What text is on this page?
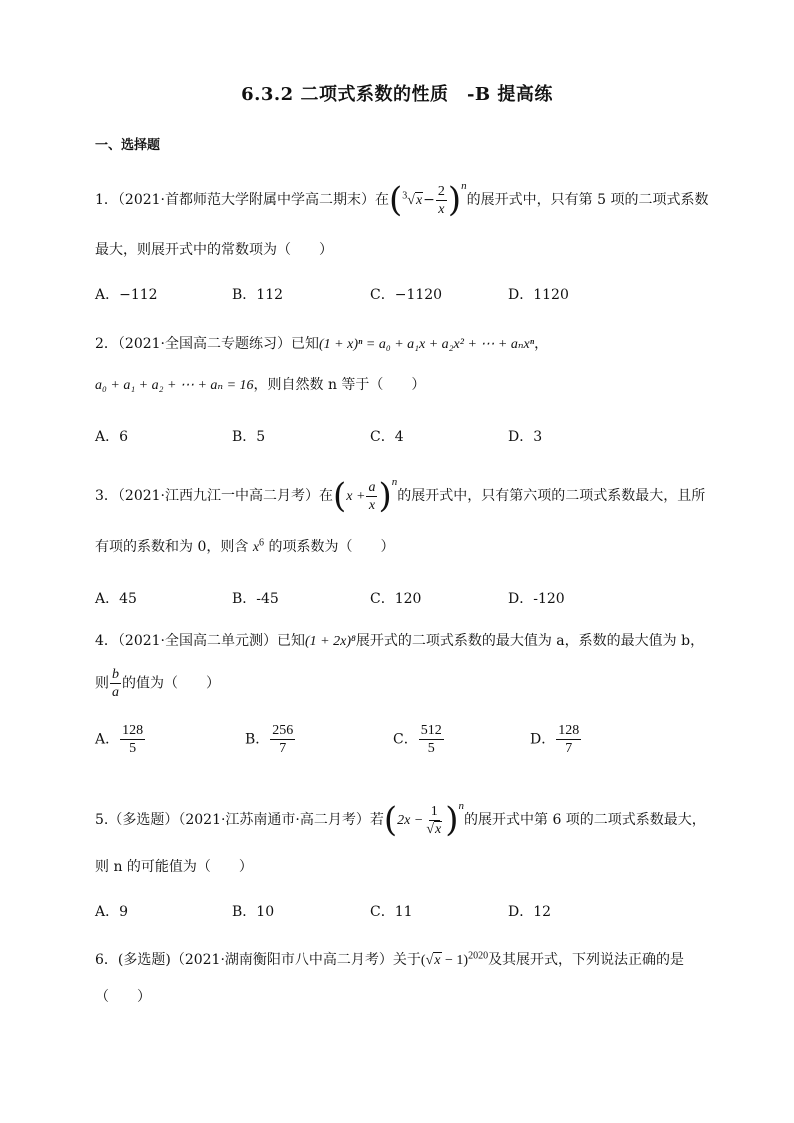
6.3.2 二项式系数的性质　-B 提高练
一、选择题
1．（2021·首都师范大学附属中学高二期末）在$(^3√x- \frac{2}{x} )n$的展开式中，只有第 5 项的二项式系数
最大，则展开式中的常数项为（　　）
A．−112	B．112	C．−1120	D．1120
2．（2021·全国高二专题练习）已知(1 + x)ⁿ = a₀ + a₁x + a₂x² + ⋯ + aₙxⁿ，
a₀ + a₁ + a₂ + ⋯ + aₙ = 16，则自然数 n 等于（　　）
A．6	B．5	C．4	D．3
3．（2021·江西九江一中高二月考）在$(x + \frac{a}{x} )n$的展开式中，只有第六项的二项式系数最大，且所
有项的系数和为 0，则含 $x^6$ 的项系数为（　　）
A．45	B．-45	C．120	D．-120
4．（2021·全国高二单元测）已知(1 + 2x)⁸展开式的二项式系数的最大值为 a，系数的最大值为 b，
则 $\frac{b}{a}$ 的值为（　　）
A． $\frac{128}{5}$	B． $\frac{256}{7}$	C． $\frac{512}{5}$	D． $\frac{128}{7}$
5.（多选题）（2021·江苏南通市·高二月考）若$(2x - \frac{1}{√x} )n$的展开式中第 6 项的二项式系数最大，
则 n 的可能值为（　　）
A．9	B．10	C．11	D．12
6．(多选题)（2021·湖南衡阳市八中高二月考）关于$(√x - 1)^{2020}$及其展开式，下列说法正确的是
（　　）
